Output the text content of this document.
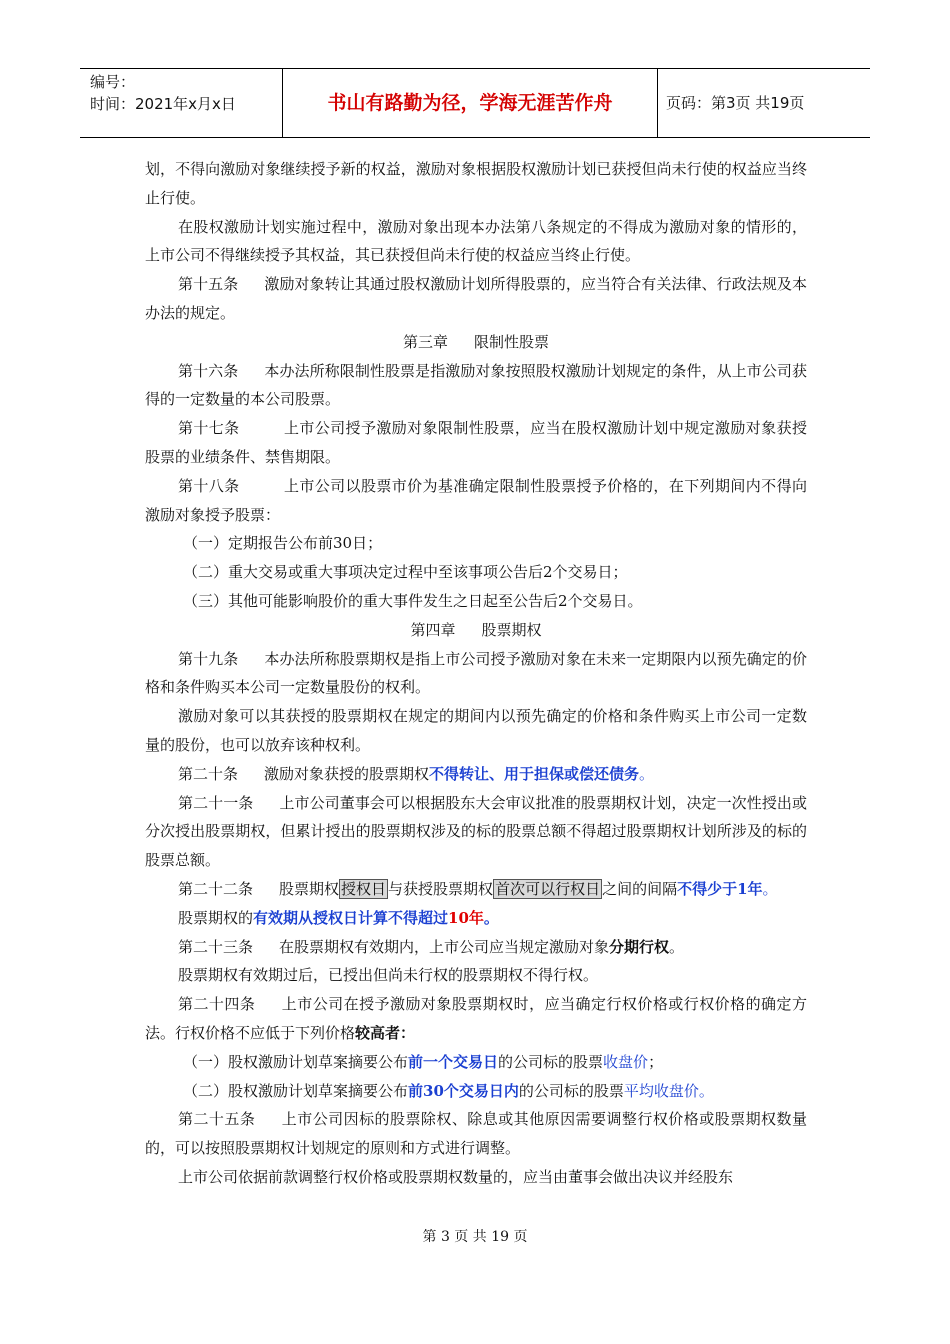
编号：
时间：2021年x月x日	书山有路勤为径，学海无涯苦作舟	页码：第3页 共19页

划，不得向激励对象继续授予新的权益，激励对象根据股权激励计划已获授但尚未行使的权益应当终止行使。

在股权激励计划实施过程中，激励对象出现本办法第八条规定的不得成为激励对象的情形的，上市公司不得继续授予其权益，其已获授但尚未行使的权益应当终止行使。

第十五条 激励对象转让其通过股权激励计划所得股票的，应当符合有关法律、行政法规及本办法的规定。

第三章 限制性股票

第十六条 本办法所称限制性股票是指激励对象按照股权激励计划规定的条件，从上市公司获得的一定数量的本公司股票。

第十七条	上市公司授予激励对象限制性股票，应当在股权激励计划中规定激励对象获授股票的业绩条件、禁售期限。

第十八条	上市公司以股票市价为基准确定限制性股票授予价格的，在下列期间内不得向激励对象授予股票：

（一）定期报告公布前30日；

（二）重大交易或重大事项决定过程中至该事项公告后2个交易日；

（三）其他可能影响股价的重大事件发生之日起至公告后2个交易日。

第四章 股票期权

第十九条 本办法所称股票期权是指上市公司授予激励对象在未来一定期限内以预先确定的价格和条件购买本公司一定数量股份的权利。

激励对象可以其获授的股票期权在规定的期间内以预先确定的价格和条件购买上市公司一定数量的股份，也可以放弃该种权利。

第二十条 激励对象获授的股票期权不得转让、用于担保或偿还债务。

第二十一条 上市公司董事会可以根据股东大会审议批准的股票期权计划，决定一次性授出或分次授出股票期权，但累计授出的股票期权涉及的标的股票总额不得超过股票期权计划所涉及的标的股票总额。

第二十二条 股票期权 授权日 与获授股票期权 首次可以行权日 之间的间隔不得少于1年。

股票期权的有效期从授权日计算不得超过10年。

第二十三条 在股票期权有效期内，上市公司应当规定激励对象分期行权。

股票期权有效期过后，已授出但尚未行权的股票期权不得行权。

第二十四条 上市公司在授予激励对象股票期权时，应当确定行权价格或行权价格的确定方法。行权价格不应低于下列价格较高者：

（一）股权激励计划草案摘要公布前一个交易日的公司标的股票收盘价；

（二）股权激励计划草案摘要公布前30个交易日内的公司标的股票平均收盘价。

第二十五条 上市公司因标的股票除权、除息或其他原因需要调整行权价格或股票期权数量的，可以按照股票期权计划规定的原则和方式进行调整。

上市公司依据前款调整行权价格或股票期权数量的，应当由董事会做出决议并经股东

第 3 页 共 19 页
